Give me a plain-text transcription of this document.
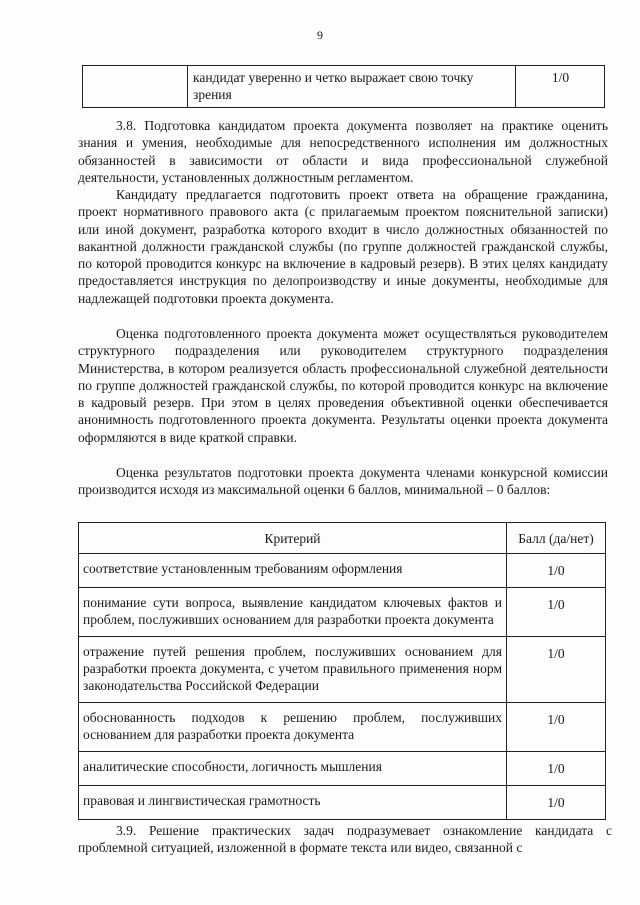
9
	кандидат уверенно и четко выражает свою точку зрения	1/0

3.8. Подготовка кандидатом проекта документа позволяет на практике оценить знания и умения, необходимые для непосредственного исполнения им должностных обязанностей в зависимости от области и вида профессиональной служебной деятельности, установленных должностным регламентом.

Кандидату предлагается подготовить проект ответа на обращение гражданина, проект нормативного правового акта (с прилагаемым проектом пояснительной записки) или иной документ, разработка которого входит в число должностных обязанностей по вакантной должности гражданской службы (по группе должностей гражданской службы, по которой проводится конкурс на включение в кадровый резерв). В этих целях кандидату предоставляется инструкция по делопроизводству и иные документы, необходимые для надлежащей подготовки проекта документа.

Оценка подготовленного проекта документа может осуществляться руководителем структурного подразделения или руководителем структурного подразделения Министерства, в котором реализуется область профессиональной служебной деятельности по группе должностей гражданской службы, по которой проводится конкурс на включение в кадровый резерв. При этом в целях проведения объективной оценки обеспечивается анонимность подготовленного проекта документа. Результаты оценки проекта документа оформляются в виде краткой справки.

Оценка результатов подготовки проекта документа членами конкурсной комиссии производится исходя из максимальной оценки 6 баллов, минимальной – 0 баллов:

Критерий	Балл (да/нет)
соответствие установленным требованиям оформления	1/0
понимание сути вопроса, выявление кандидатом ключевых фактов и проблем, послуживших основанием для разработки проекта документа	1/0
отражение путей решения проблем, послуживших основанием для разработки проекта документа, с учетом правильного применения норм законодательства Российской Федерации	1/0
обоснованность подходов к решению проблем, послуживших основанием для разработки проекта документа	1/0
аналитические способности, логичность мышления	1/0
правовая и лингвистическая грамотность	1/0

3.9. Решение практических задач подразумевает ознакомление кандидата с проблемной ситуацией, изложенной в формате текста или видео, связанной с
